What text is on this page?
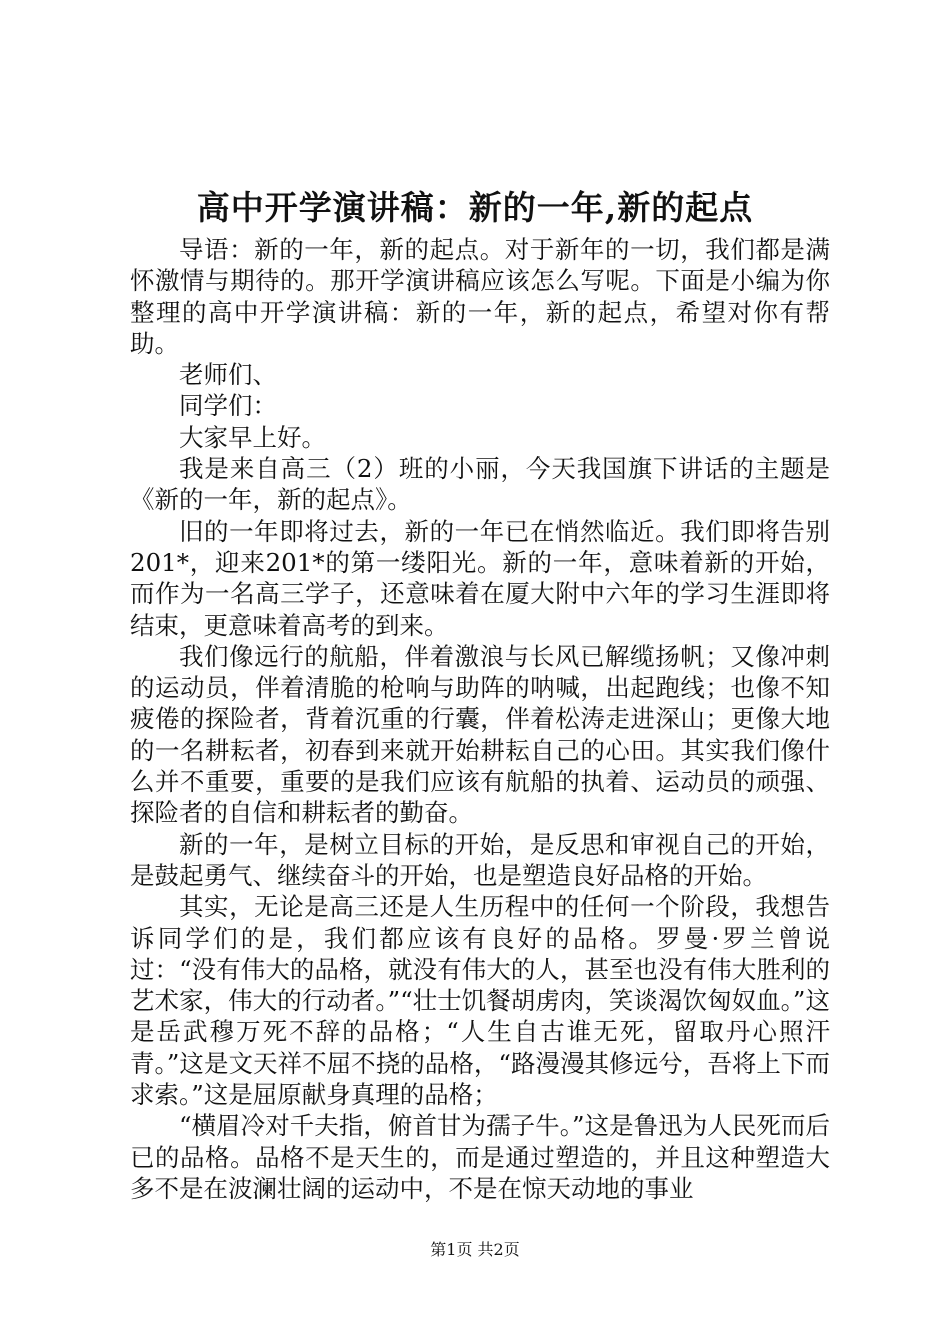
高中开学演讲稿：新的一年,新的起点

导语：新的一年，新的起点。对于新年的一切，我们都是满怀激情与期待的。那开学演讲稿应该怎么写呢。下面是小编为你整理的高中开学演讲稿：新的一年，新的起点，希望对你有帮助。

老师们、

同学们：

大家早上好。

我是来自高三（2）班的小丽，今天我国旗下讲话的主题是《新的一年，新的起点》。

旧的一年即将过去，新的一年已在悄然临近。我们即将告别201*，迎来201*的第一缕阳光。新的一年，意味着新的开始，而作为一名高三学子，还意味着在厦大附中六年的学习生涯即将结束，更意味着高考的到来。

我们像远行的航船，伴着激浪与长风已解缆扬帆；又像冲刺的运动员，伴着清脆的枪响与助阵的呐喊，出起跑线；也像不知疲倦的探险者，背着沉重的行囊，伴着松涛走进深山；更像大地的一名耕耘者，初春到来就开始耕耘自己的心田。其实我们像什么并不重要，重要的是我们应该有航船的执着、运动员的顽强、探险者的自信和耕耘者的勤奋。

新的一年，是树立目标的开始，是反思和审视自己的开始，是鼓起勇气、继续奋斗的开始，也是塑造良好品格的开始。

其实，无论是高三还是人生历程中的任何一个阶段，我想告诉同学们的是，我们都应该有良好的品格。罗曼·罗兰曾说过：“没有伟大的品格，就没有伟大的人，甚至也没有伟大胜利的艺术家，伟大的行动者。”“壮士饥餐胡虏肉，笑谈渴饮匈奴血。”这是岳武穆万死不辞的品格；“人生自古谁无死，留取丹心照汗青。”这是文天祥不屈不挠的品格，“路漫漫其修远兮，吾将上下而求索。”这是屈原献身真理的品格；

“横眉冷对千夫指，俯首甘为孺子牛。”这是鲁迅为人民死而后已的品格。品格不是天生的，而是通过塑造的，并且这种塑造大多不是在波澜壮阔的运动中，不是在惊天动地的事业

第1页 共2页
